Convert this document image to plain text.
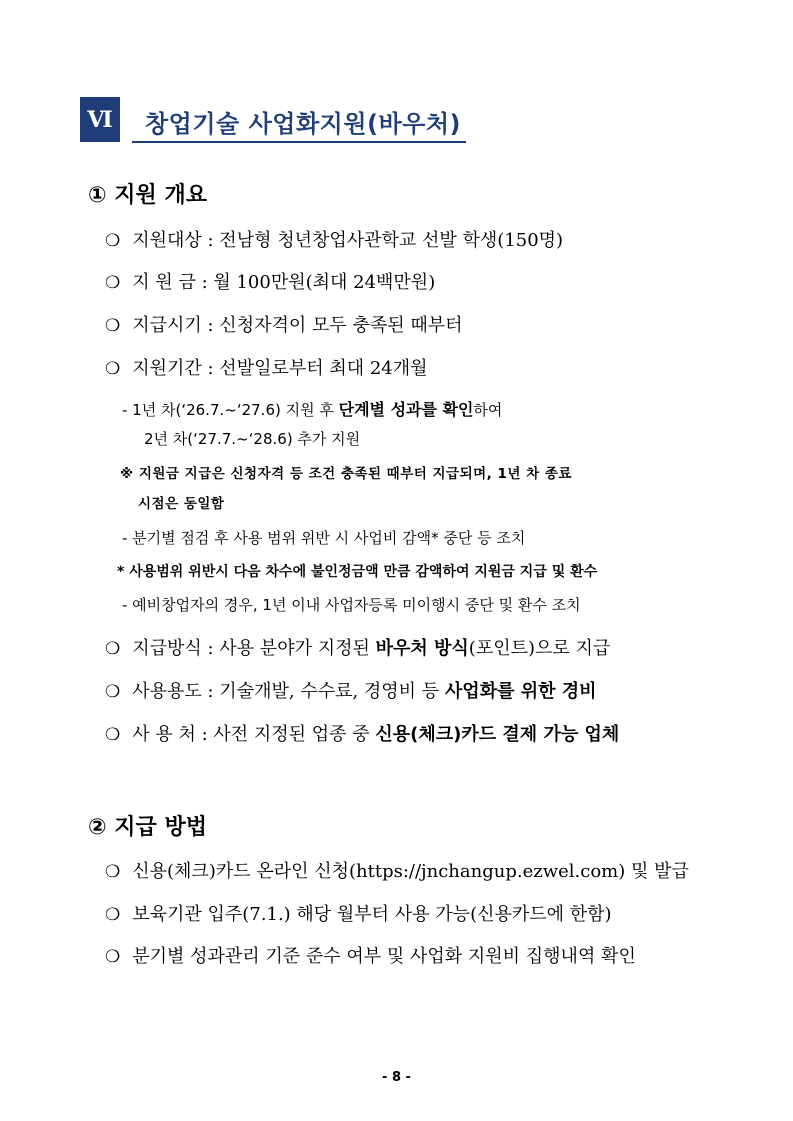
Ⅵ	창업기술 사업화지원(바우처)
① 지원 개요
❍ 지원대상 : 전남형 청년창업사관학교 선발 학생(150명)
❍ 지 원 금 : 월 100만원(최대 24백만원)
❍ 지급시기 : 신청자격이 모두 충족된 때부터
❍ 지원기간 : 선발일로부터 최대 24개월
- 1년 차(‘26.7.~‘27.6) 지원 후 단계별 성과를 확인하여
2년 차(‘27.7.~‘28.6) 추가 지원
※ 지원금 지급은 신청자격 등 조건 충족된 때부터 지급되며, 1년 차 종료
시점은 동일함
- 분기별 점검 후 사용 범위 위반 시 사업비 감액* 중단 등 조치
* 사용범위 위반시 다음 차수에 불인정금액 만큼 감액하여 지원금 지급 및 환수
- 예비창업자의 경우, 1년 이내 사업자등록 미이행시 중단 및 환수 조치
❍ 지급방식 : 사용 분야가 지정된 바우처 방식(포인트)으로 지급
❍ 사용용도 : 기술개발, 수수료, 경영비 등 사업화를 위한 경비
❍ 사 용 처 : 사전 지정된 업종 중 신용(체크)카드 결제 가능 업체
② 지급 방법
❍ 신용(체크)카드 온라인 신청(https://jnchangup.ezwel.com) 및 발급
❍ 보육기관 입주(7.1.) 해당 월부터 사용 가능(신용카드에 한함)
❍ 분기별 성과관리 기준 준수 여부 및 사업화 지원비 집행내역 확인
- 8 -
